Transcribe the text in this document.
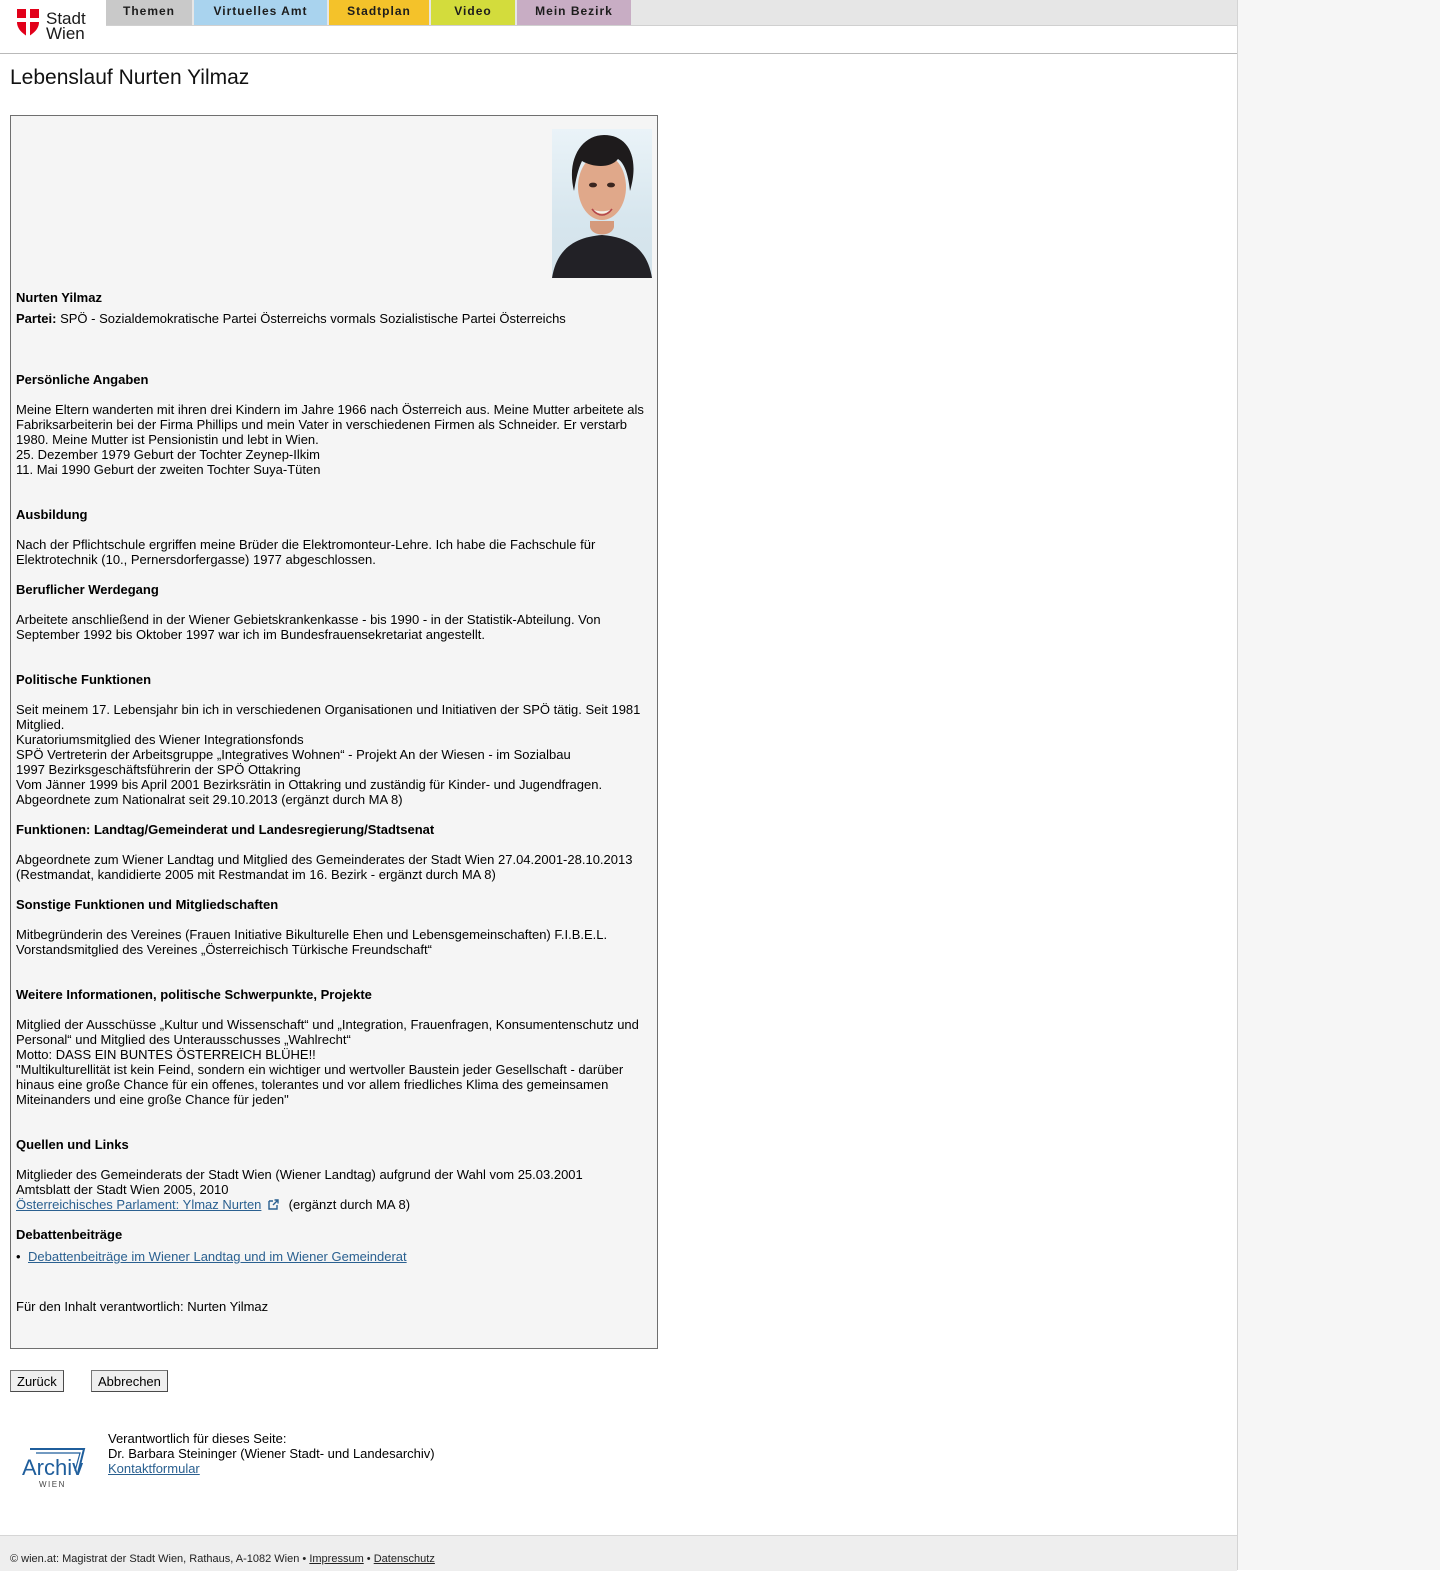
Stadt
Wien
Themen	Virtuelles Amt	Stadtplan	Video	Mein Bezirk
Lebenslauf Nurten Yilmaz
Nurten Yilmaz
Partei: SPÖ - Sozialdemokratische Partei Österreichs vormals Sozialistische Partei Österreichs
Persönliche Angaben
Meine Eltern wanderten mit ihren drei Kindern im Jahre 1966 nach Österreich aus. Meine Mutter arbeitete als
Fabriksarbeiterin bei der Firma Phillips und mein Vater in verschiedenen Firmen als Schneider. Er verstarb
1980. Meine Mutter ist Pensionistin und lebt in Wien.
25. Dezember 1979 Geburt der Tochter Zeynep-Ilkim
11. Mai 1990 Geburt der zweiten Tochter Suya-Tüten
Ausbildung
Nach der Pflichtschule ergriffen meine Brüder die Elektromonteur-Lehre. Ich habe die Fachschule für
Elektrotechnik (10., Pernersdorfergasse) 1977 abgeschlossen.
Beruflicher Werdegang
Arbeitete anschließend in der Wiener Gebietskrankenkasse - bis 1990 - in der Statistik-Abteilung. Von
September 1992 bis Oktober 1997 war ich im Bundesfrauensekretariat angestellt.
Politische Funktionen
Seit meinem 17. Lebensjahr bin ich in verschiedenen Organisationen und Initiativen der SPÖ tätig. Seit 1981
Mitglied.
Kuratoriumsmitglied des Wiener Integrationsfonds
SPÖ Vertreterin der Arbeitsgruppe „Integratives Wohnen“ - Projekt An der Wiesen - im Sozialbau
1997 Bezirksgeschäftsführerin der SPÖ Ottakring
Vom Jänner 1999 bis April 2001 Bezirksrätin in Ottakring und zuständig für Kinder- und Jugendfragen.
Abgeordnete zum Nationalrat seit 29.10.2013 (ergänzt durch MA 8)
Funktionen: Landtag/Gemeinderat und Landesregierung/Stadtsenat
Abgeordnete zum Wiener Landtag und Mitglied des Gemeinderates der Stadt Wien 27.04.2001-28.10.2013
(Restmandat, kandidierte 2005 mit Restmandat im 16. Bezirk - ergänzt durch MA 8)
Sonstige Funktionen und Mitgliedschaften
Mitbegründerin des Vereines (Frauen Initiative Bikulturelle Ehen und Lebensgemeinschaften) F.I.B.E.L.
Vorstandsmitglied des Vereines „Österreichisch Türkische Freundschaft“
Weitere Informationen, politische Schwerpunkte, Projekte
Mitglied der Ausschüsse „Kultur und Wissenschaft“ und „Integration, Frauenfragen, Konsumentenschutz und
Personal“ und Mitglied des Unterausschusses „Wahlrecht“
Motto: DASS EIN BUNTES ÖSTERREICH BLÜHE!!
"Multikulturellität ist kein Feind, sondern ein wichtiger und wertvoller Baustein jeder Gesellschaft - darüber
hinaus eine große Chance für ein offenes, tolerantes und vor allem friedliches Klima des gemeinsamen
Miteinanders und eine große Chance für jeden"
Quellen und Links
Mitglieder des Gemeinderats der Stadt Wien (Wiener Landtag) aufgrund der Wahl vom 25.03.2001
Amtsblatt der Stadt Wien 2005, 2010
Österreichisches Parlament: Ylmaz Nurten (ergänzt durch MA 8)
Debattenbeiträge
• Debattenbeiträge im Wiener Landtag und im Wiener Gemeinderat
Für den Inhalt verantwortlich: Nurten Yilmaz
Zurück	Abbrechen
Archiv
WIEN
Verantwortlich für dieses Seite:
Dr. Barbara Steininger (Wiener Stadt- und Landesarchiv)
Kontaktformular
© wien.at: Magistrat der Stadt Wien, Rathaus, A-1082 Wien • Impressum • Datenschutz
